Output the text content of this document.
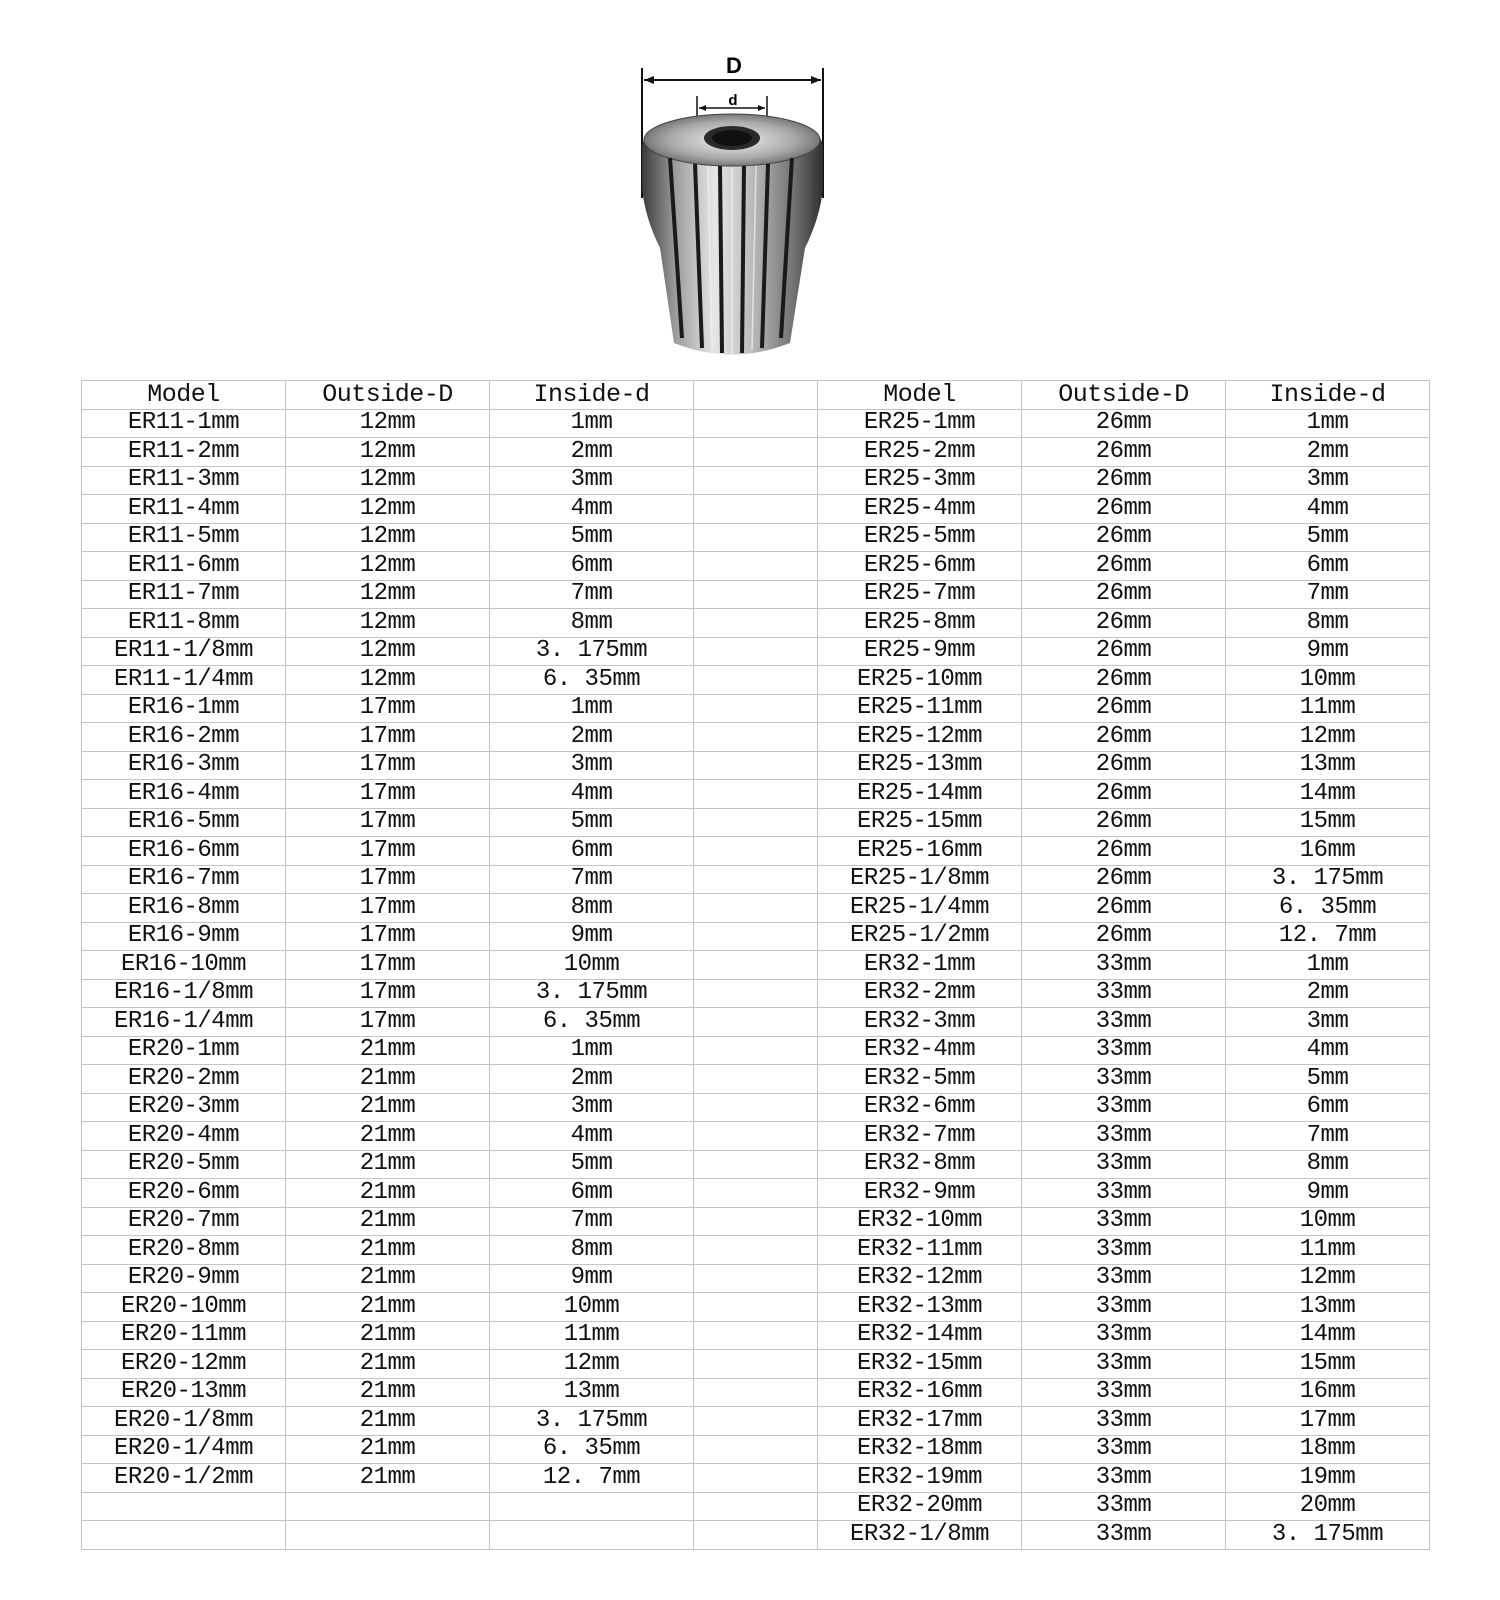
D
d
Model	Outside-D	Inside-d		Model	Outside-D	Inside-d
ER11-1mm	12mm	1mm		ER25-1mm	26mm	1mm
ER11-2mm	12mm	2mm		ER25-2mm	26mm	2mm
ER11-3mm	12mm	3mm		ER25-3mm	26mm	3mm
ER11-4mm	12mm	4mm		ER25-4mm	26mm	4mm
ER11-5mm	12mm	5mm		ER25-5mm	26mm	5mm
ER11-6mm	12mm	6mm		ER25-6mm	26mm	6mm
ER11-7mm	12mm	7mm		ER25-7mm	26mm	7mm
ER11-8mm	12mm	8mm		ER25-8mm	26mm	8mm
ER11-1/8mm	12mm	3. 175mm		ER25-9mm	26mm	9mm
ER11-1/4mm	12mm	6. 35mm		ER25-10mm	26mm	10mm
ER16-1mm	17mm	1mm		ER25-11mm	26mm	11mm
ER16-2mm	17mm	2mm		ER25-12mm	26mm	12mm
ER16-3mm	17mm	3mm		ER25-13mm	26mm	13mm
ER16-4mm	17mm	4mm		ER25-14mm	26mm	14mm
ER16-5mm	17mm	5mm		ER25-15mm	26mm	15mm
ER16-6mm	17mm	6mm		ER25-16mm	26mm	16mm
ER16-7mm	17mm	7mm		ER25-1/8mm	26mm	3. 175mm
ER16-8mm	17mm	8mm		ER25-1/4mm	26mm	6. 35mm
ER16-9mm	17mm	9mm		ER25-1/2mm	26mm	12. 7mm
ER16-10mm	17mm	10mm		ER32-1mm	33mm	1mm
ER16-1/8mm	17mm	3. 175mm		ER32-2mm	33mm	2mm
ER16-1/4mm	17mm	6. 35mm		ER32-3mm	33mm	3mm
ER20-1mm	21mm	1mm		ER32-4mm	33mm	4mm
ER20-2mm	21mm	2mm		ER32-5mm	33mm	5mm
ER20-3mm	21mm	3mm		ER32-6mm	33mm	6mm
ER20-4mm	21mm	4mm		ER32-7mm	33mm	7mm
ER20-5mm	21mm	5mm		ER32-8mm	33mm	8mm
ER20-6mm	21mm	6mm		ER32-9mm	33mm	9mm
ER20-7mm	21mm	7mm		ER32-10mm	33mm	10mm
ER20-8mm	21mm	8mm		ER32-11mm	33mm	11mm
ER20-9mm	21mm	9mm		ER32-12mm	33mm	12mm
ER20-10mm	21mm	10mm		ER32-13mm	33mm	13mm
ER20-11mm	21mm	11mm		ER32-14mm	33mm	14mm
ER20-12mm	21mm	12mm		ER32-15mm	33mm	15mm
ER20-13mm	21mm	13mm		ER32-16mm	33mm	16mm
ER20-1/8mm	21mm	3. 175mm		ER32-17mm	33mm	17mm
ER20-1/4mm	21mm	6. 35mm		ER32-18mm	33mm	18mm
ER20-1/2mm	21mm	12. 7mm		ER32-19mm	33mm	19mm
				ER32-20mm	33mm	20mm
				ER32-1/8mm	33mm	3. 175mm
